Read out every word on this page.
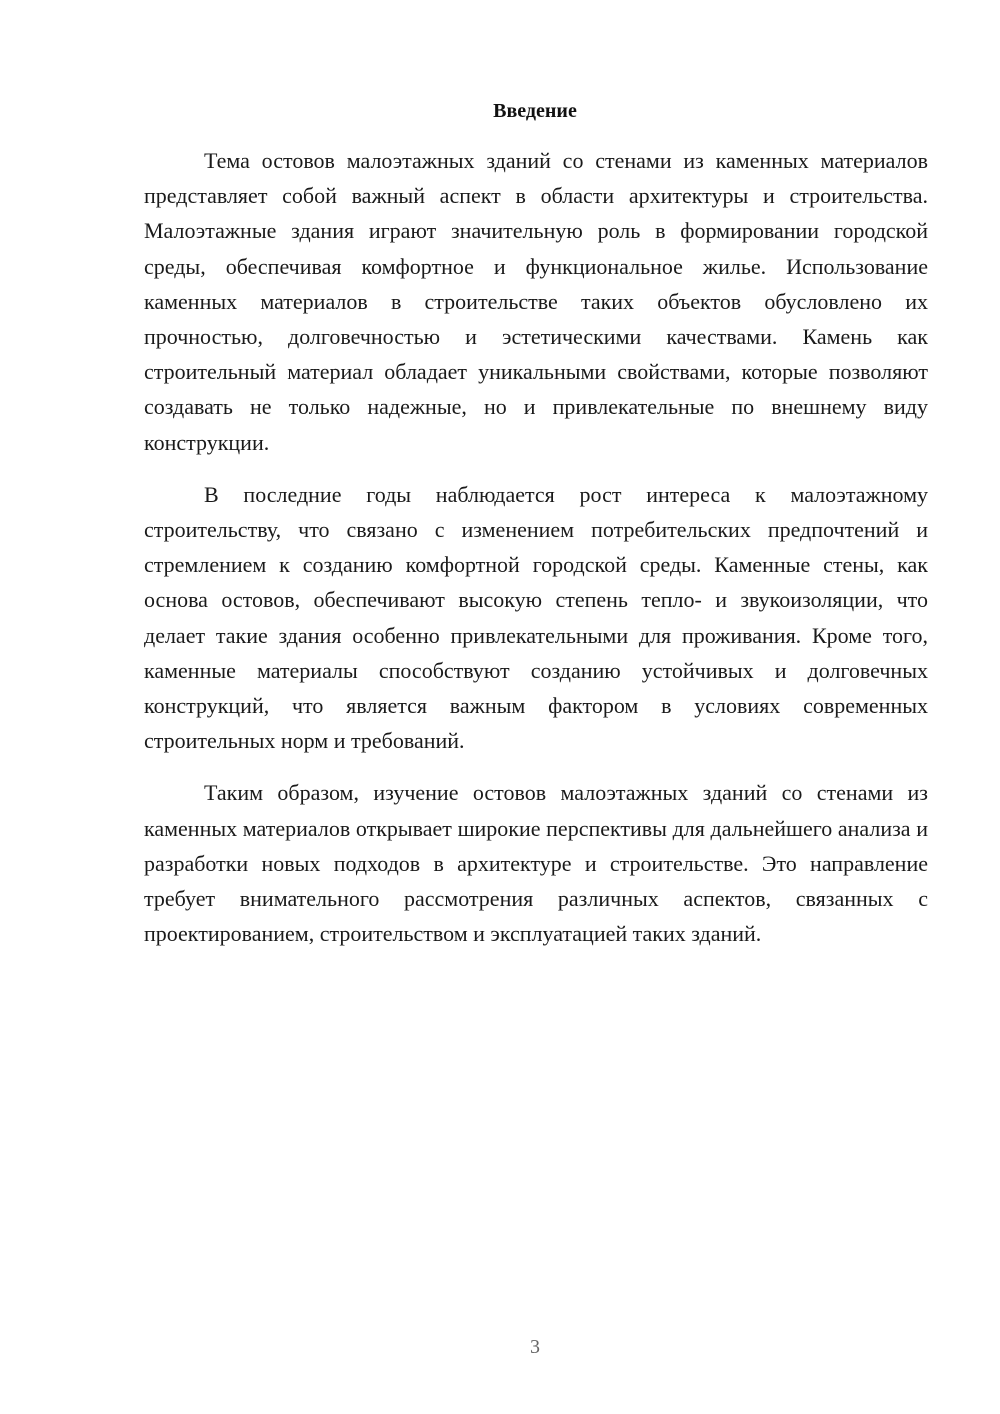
Введение

Тема остовов малоэтажных зданий со стенами из каменных материалов представляет собой важный аспект в области архитектуры и строительства. Малоэтажные здания играют значительную роль в формировании городской среды, обеспечивая комфортное и функциональное жилье. Использование каменных материалов в строительстве таких объектов обусловлено их прочностью, долговечностью и эстетическими качествами. Камень как строительный материал обладает уникальными свойствами, которые позволяют создавать не только надежные, но и привлекательные по внешнему виду конструкции.

В последние годы наблюдается рост интереса к малоэтажному строительству, что связано с изменением потребительских предпочтений и стремлением к созданию комфортной городской среды. Каменные стены, как основа остовов, обеспечивают высокую степень тепло- и звукоизоляции, что делает такие здания особенно привлекательными для проживания. Кроме того, каменные материалы способствуют созданию устойчивых и долговечных конструкций, что является важным фактором в условиях современных строительных норм и требований.

Таким образом, изучение остовов малоэтажных зданий со стенами из каменных материалов открывает широкие перспективы для дальнейшего анализа и разработки новых подходов в архитектуре и строительстве. Это направление требует внимательного рассмотрения различных аспектов, связанных с проектированием, строительством и эксплуатацией таких зданий.

3
